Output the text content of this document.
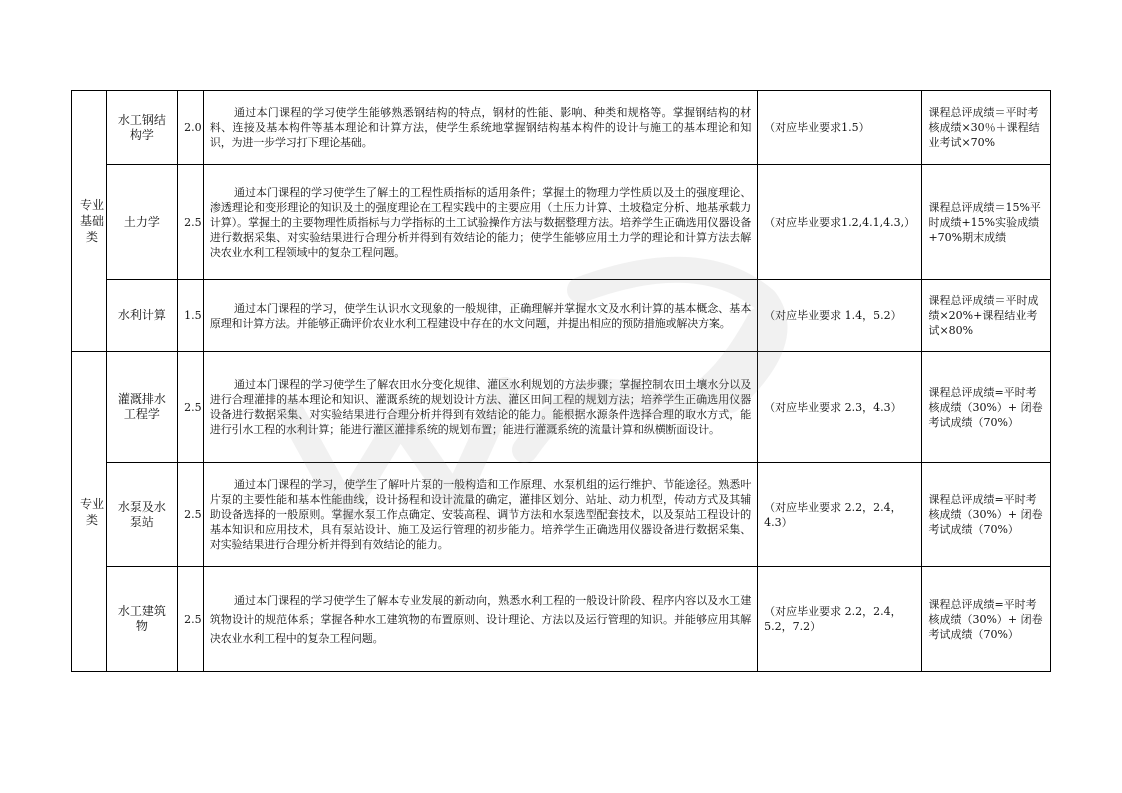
专业基础类	水工钢结构学	2.0	通过本门课程的学习使学生能够熟悉钢结构的特点，钢材的性能、影响、种类和规格等。掌握钢结构的材料、连接及基本构件等基本理论和计算方法，使学生系统地掌握钢结构基本构件的设计与施工的基本理论和知识，为进一步学习打下理论基础。	（对应毕业要求1.5）	课程总评成绩＝平时考核成绩×30％＋课程结业考试×70%
	土力学	2.5	通过本门课程的学习使学生了解土的工程性质指标的适用条件；掌握土的物理力学性质以及土的强度理论、渗透理论和变形理论的知识及土的强度理论在工程实践中的主要应用（土压力计算、土坡稳定分析、地基承载力计算）。掌握土的主要物理性质指标与力学指标的土工试验操作方法与数据整理方法。培养学生正确选用仪器设备进行数据采集、对实验结果进行合理分析并得到有效结论的能力；使学生能够应用土力学的理论和计算方法去解决农业水利工程领域中的复杂工程问题。	（对应毕业要求1.2,4.1,4.3,）	课程总评成绩＝15%平时成绩+15%实验成绩+70%期末成绩
	水利计算	1.5	通过本门课程的学习，使学生认识水文现象的一般规律，正确理解并掌握水文及水利计算的基本概念、基本原理和计算方法。并能够正确评价农业水利工程建设中存在的水文问题，并提出相应的预防措施或解决方案。	（对应毕业要求 1.4，5.2）	课程总评成绩＝平时成绩×20%+课程结业考试×80%
专业类	灌溉排水工程学	2.5	通过本门课程的学习使学生了解农田水分变化规律、灌区水利规划的方法步骤；掌握控制农田土壤水分以及进行合理灌排的基本理论和知识、灌溉系统的规划设计方法、灌区田间工程的规划方法；培养学生正确选用仪器设备进行数据采集、对实验结果进行合理分析并得到有效结论的能力。能根据水源条件选择合理的取水方式，能进行引水工程的水利计算；能进行灌区灌排系统的规划布置；能进行灌溉系统的流量计算和纵横断面设计。	（对应毕业要求 2.3，4.3）	课程总评成绩=平时考核成绩（30%）+ 闭卷考试成绩（70%）
	水泵及水泵站	2.5	通过本门课程的学习，使学生了解叶片泵的一般构造和工作原理、水泵机组的运行维护、节能途径。熟悉叶片泵的主要性能和基本性能曲线，设计扬程和设计流量的确定，灌排区划分、站址、动力机型，传动方式及其辅助设备选择的一般原则。掌握水泵工作点确定、安装高程、调节方法和水泵选型配套技术，以及泵站工程设计的基本知识和应用技术，具有泵站设计、施工及运行管理的初步能力。培养学生正确选用仪器设备进行数据采集、对实验结果进行合理分析并得到有效结论的能力。	（对应毕业要求 2.2，2.4，4.3）	课程总评成绩=平时考核成绩（30%）+ 闭卷考试成绩（70%）
	水工建筑物	2.5	通过本门课程的学习使学生了解本专业发展的新动向，熟悉水利工程的一般设计阶段、程序内容以及水工建筑物设计的规范体系；掌握各种水工建筑物的布置原则、设计理论、方法以及运行管理的知识。并能够应用其解决农业水利工程中的复杂工程问题。	（对应毕业要求 2.2，2.4，5.2，7.2）	课程总评成绩=平时考核成绩（30%）+ 闭卷考试成绩（70%）
